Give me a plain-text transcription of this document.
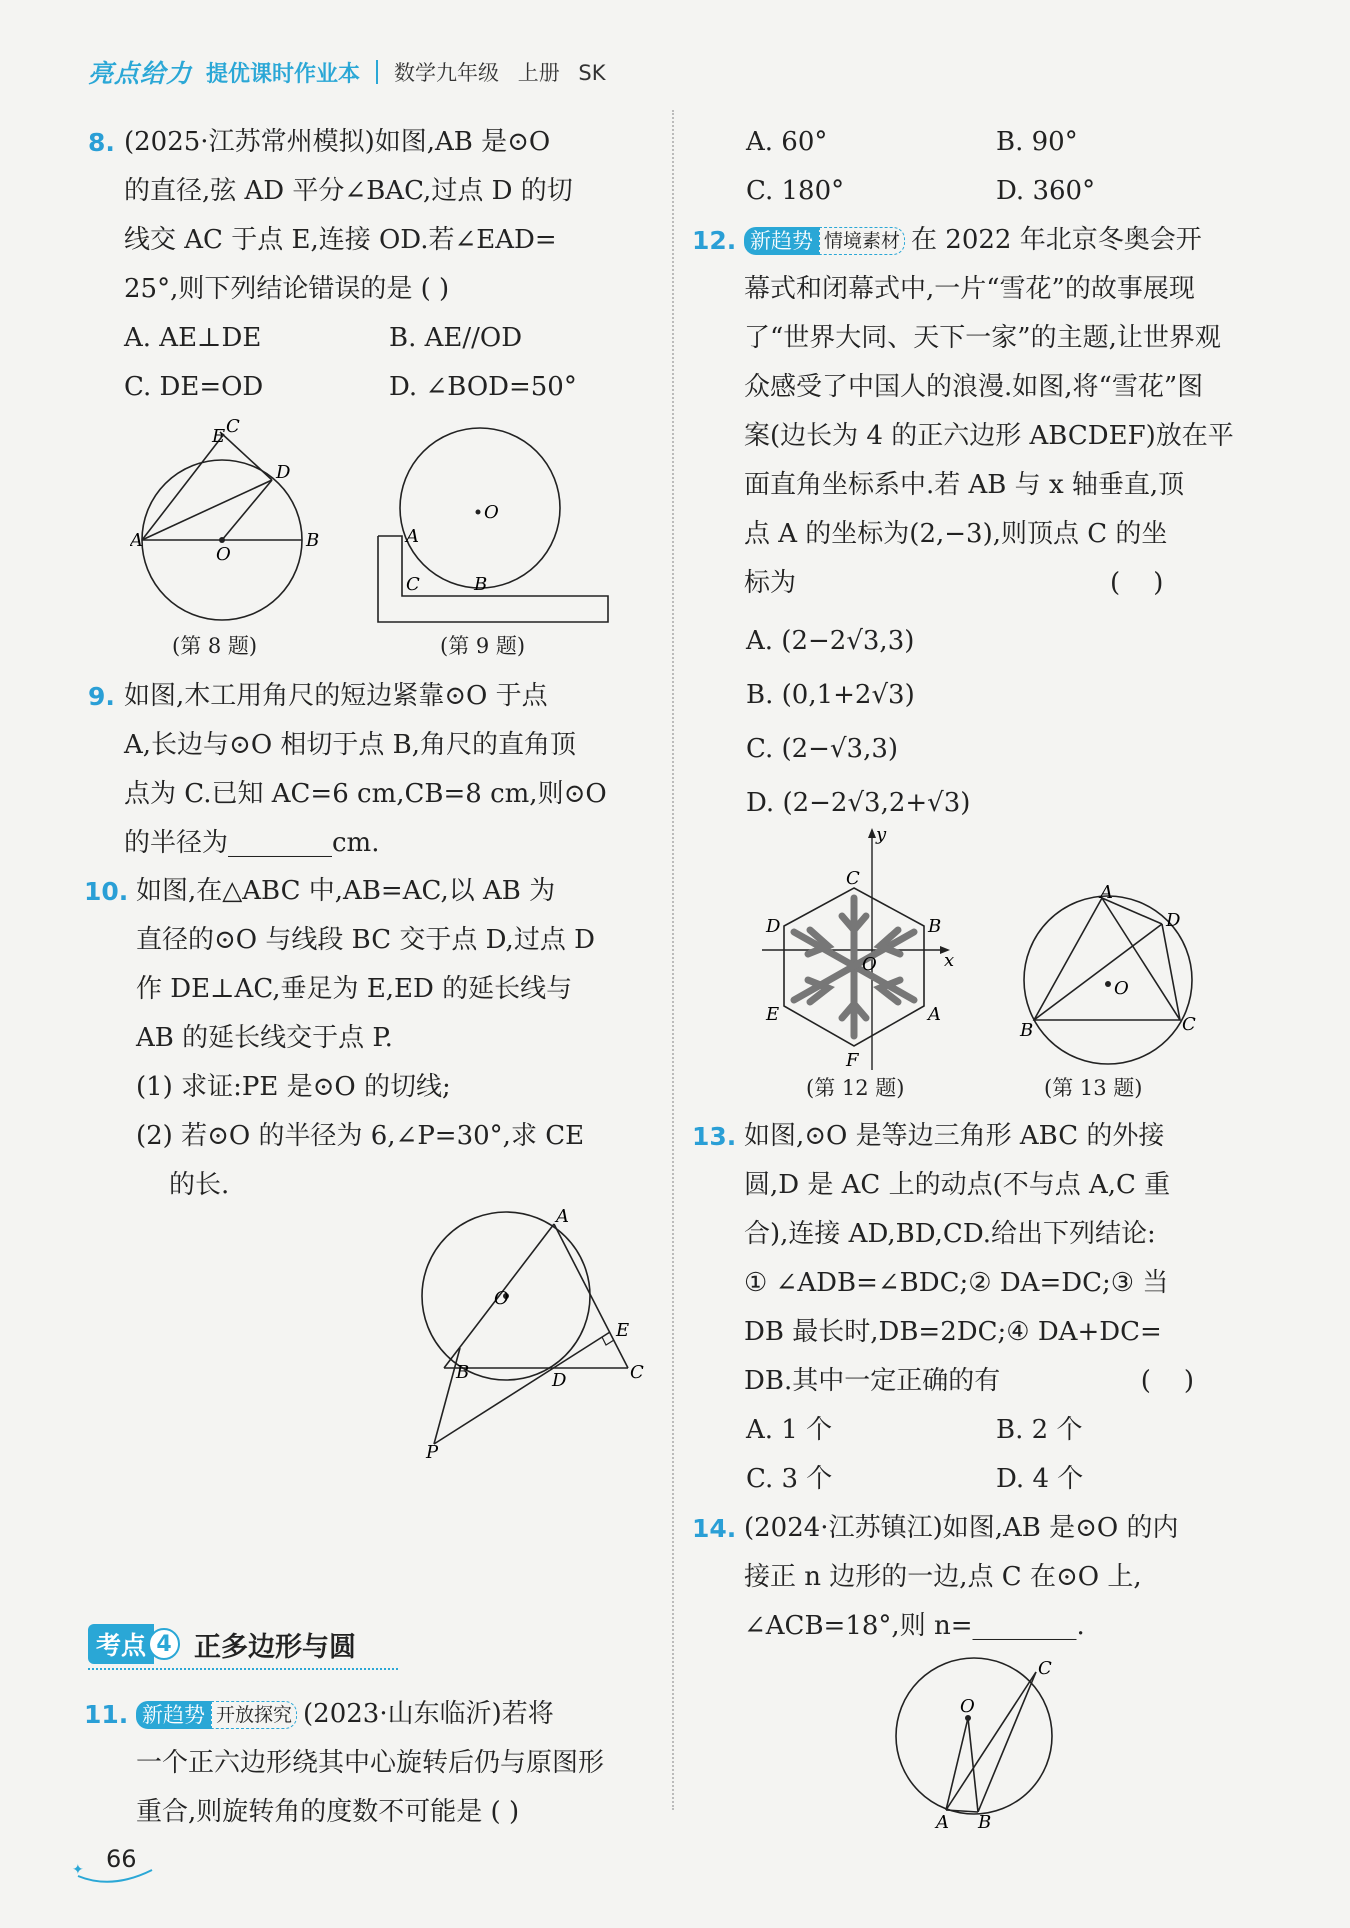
亮点给力 提优课时作业本 数学九年级 上册 SK
8. (2025·江苏常州模拟)如图,AB 是⊙O
的直径,弦 AD 平分∠BAC,过点 D 的切
线交 AC 于点 E,连接 OD.若∠EAD=
25°,则下列结论错误的是 ( )
A. AE⊥DE	B. AE//OD
C. DE=OD	D. ∠BOD=50°
E C
D
A
O
B
(第 8 题)
O
A
C	B
(第 9 题)
9. 如图,木工用角尺的短边紧靠⊙O 于点
A,长边与⊙O 相切于点 B,角尺的直角顶
点为 C.已知 AC=6 cm,CB=8 cm,则⊙O
的半径为________cm.
10. 如图,在△ABC 中,AB=AC,以 AB 为
直径的⊙O 与线段 BC 交于点 D,过点 D
作 DE⊥AC,垂足为 E,ED 的延长线与
AB 的延长线交于点 P.
(1) 求证:PE 是⊙O 的切线;
(2) 若⊙O 的半径为 6,∠P=30°,求 CE
的长.
A
O
E
B	D	C
P
考点 4 正多边形与圆
11. 新趋势 开放探究 (2023·山东临沂)若将
一个正六边形绕其中心旋转后仍与原图形
重合,则旋转角的度数不可能是 ( )
A. 60°	B. 90°
C. 180°	D. 360°
12. 新趋势 情境素材 在 2022 年北京冬奥会开
幕式和闭幕式中,一片“雪花”的故事展现
了“世界大同、天下一家”的主题,让世界观
众感受了中国人的浪漫.如图,将“雪花”图
案(边长为 4 的正六边形 ABCDEF)放在平
面直角坐标系中.若 AB 与 x 轴垂直,顶
点 A 的坐标为(2,−3),则顶点 C 的坐
标为                                      (    )
A. (2−2√3,3)
B. (0,1+2√3)
C. (2−√3,3)
D. (2−2√3,2+√3)
y
x
C
D	B
O
E	A
F
(第 12 题)
A
D
O
B	C
(第 13 题)
13. 如图,⊙O 是等边三角形 ABC 的外接
圆,D 是 AC 上的动点(不与点 A,C 重
合),连接 AD,BD,CD.给出下列结论:
① ∠ADB=∠BDC;② DA=DC;③ 当
DB 最长时,DB=2DC;④ DA+DC=
DB.其中一定正确的有                 (    )
A. 1 个	B. 2 个
C. 3 个	D. 4 个
14. (2024·江苏镇江)如图,AB 是⊙O 的内
接正 n 边形的一边,点 C 在⊙O 上,
∠ACB=18°,则 n=________.
C
O
A B
✦ 66
